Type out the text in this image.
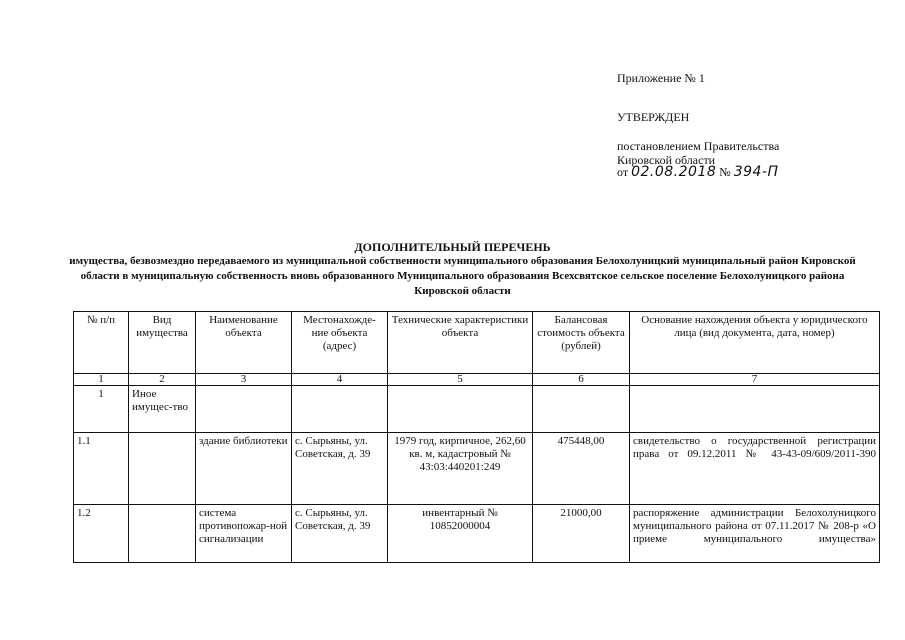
Приложение № 1
УТВЕРЖДЕН
постановлением Правительства Кировской области
от 02.08.2018 № 394-П
ДОПОЛНИТЕЛЬНЫЙ ПЕРЕЧЕНЬ
имущества, безвозмездно передаваемого из муниципальной собственности муниципального образования Белохолуницкий муниципальный район Кировской области в муниципальную собственность вновь образованного Муниципального образования Всехсвятское сельское поселение Белохолуницкого района Кировской области
№ п/п	Вид имущества	Наименование объекта	Местонахожде-ние объекта (адрес)	Технические характеристики объекта	Балансовая стоимость объекта (рублей)	Основание нахождения объекта у юридического лица (вид документа, дата, номер)
1	2	3	4	5	6	7
1	Иное имущес-тво					
1.1		здание библиотеки	с. Сырьяны, ул. Советская, д. 39	1979 год, кирпичное, 262,60 кв. м, кадастровый № 43:03:440201:249	475448,00	свидетельство о государственной регистрации права от 09.12.2011 № 43-43-09/609/2011-390
1.2		система противопожар-ной сигнализации	с. Сырьяны, ул. Советская, д. 39	инвентарный № 10852000004	21000,00	распоряжение администрации Белохолуницкого муниципального района от 07.11.2017 № 208-р «О приеме муниципального имущества»
